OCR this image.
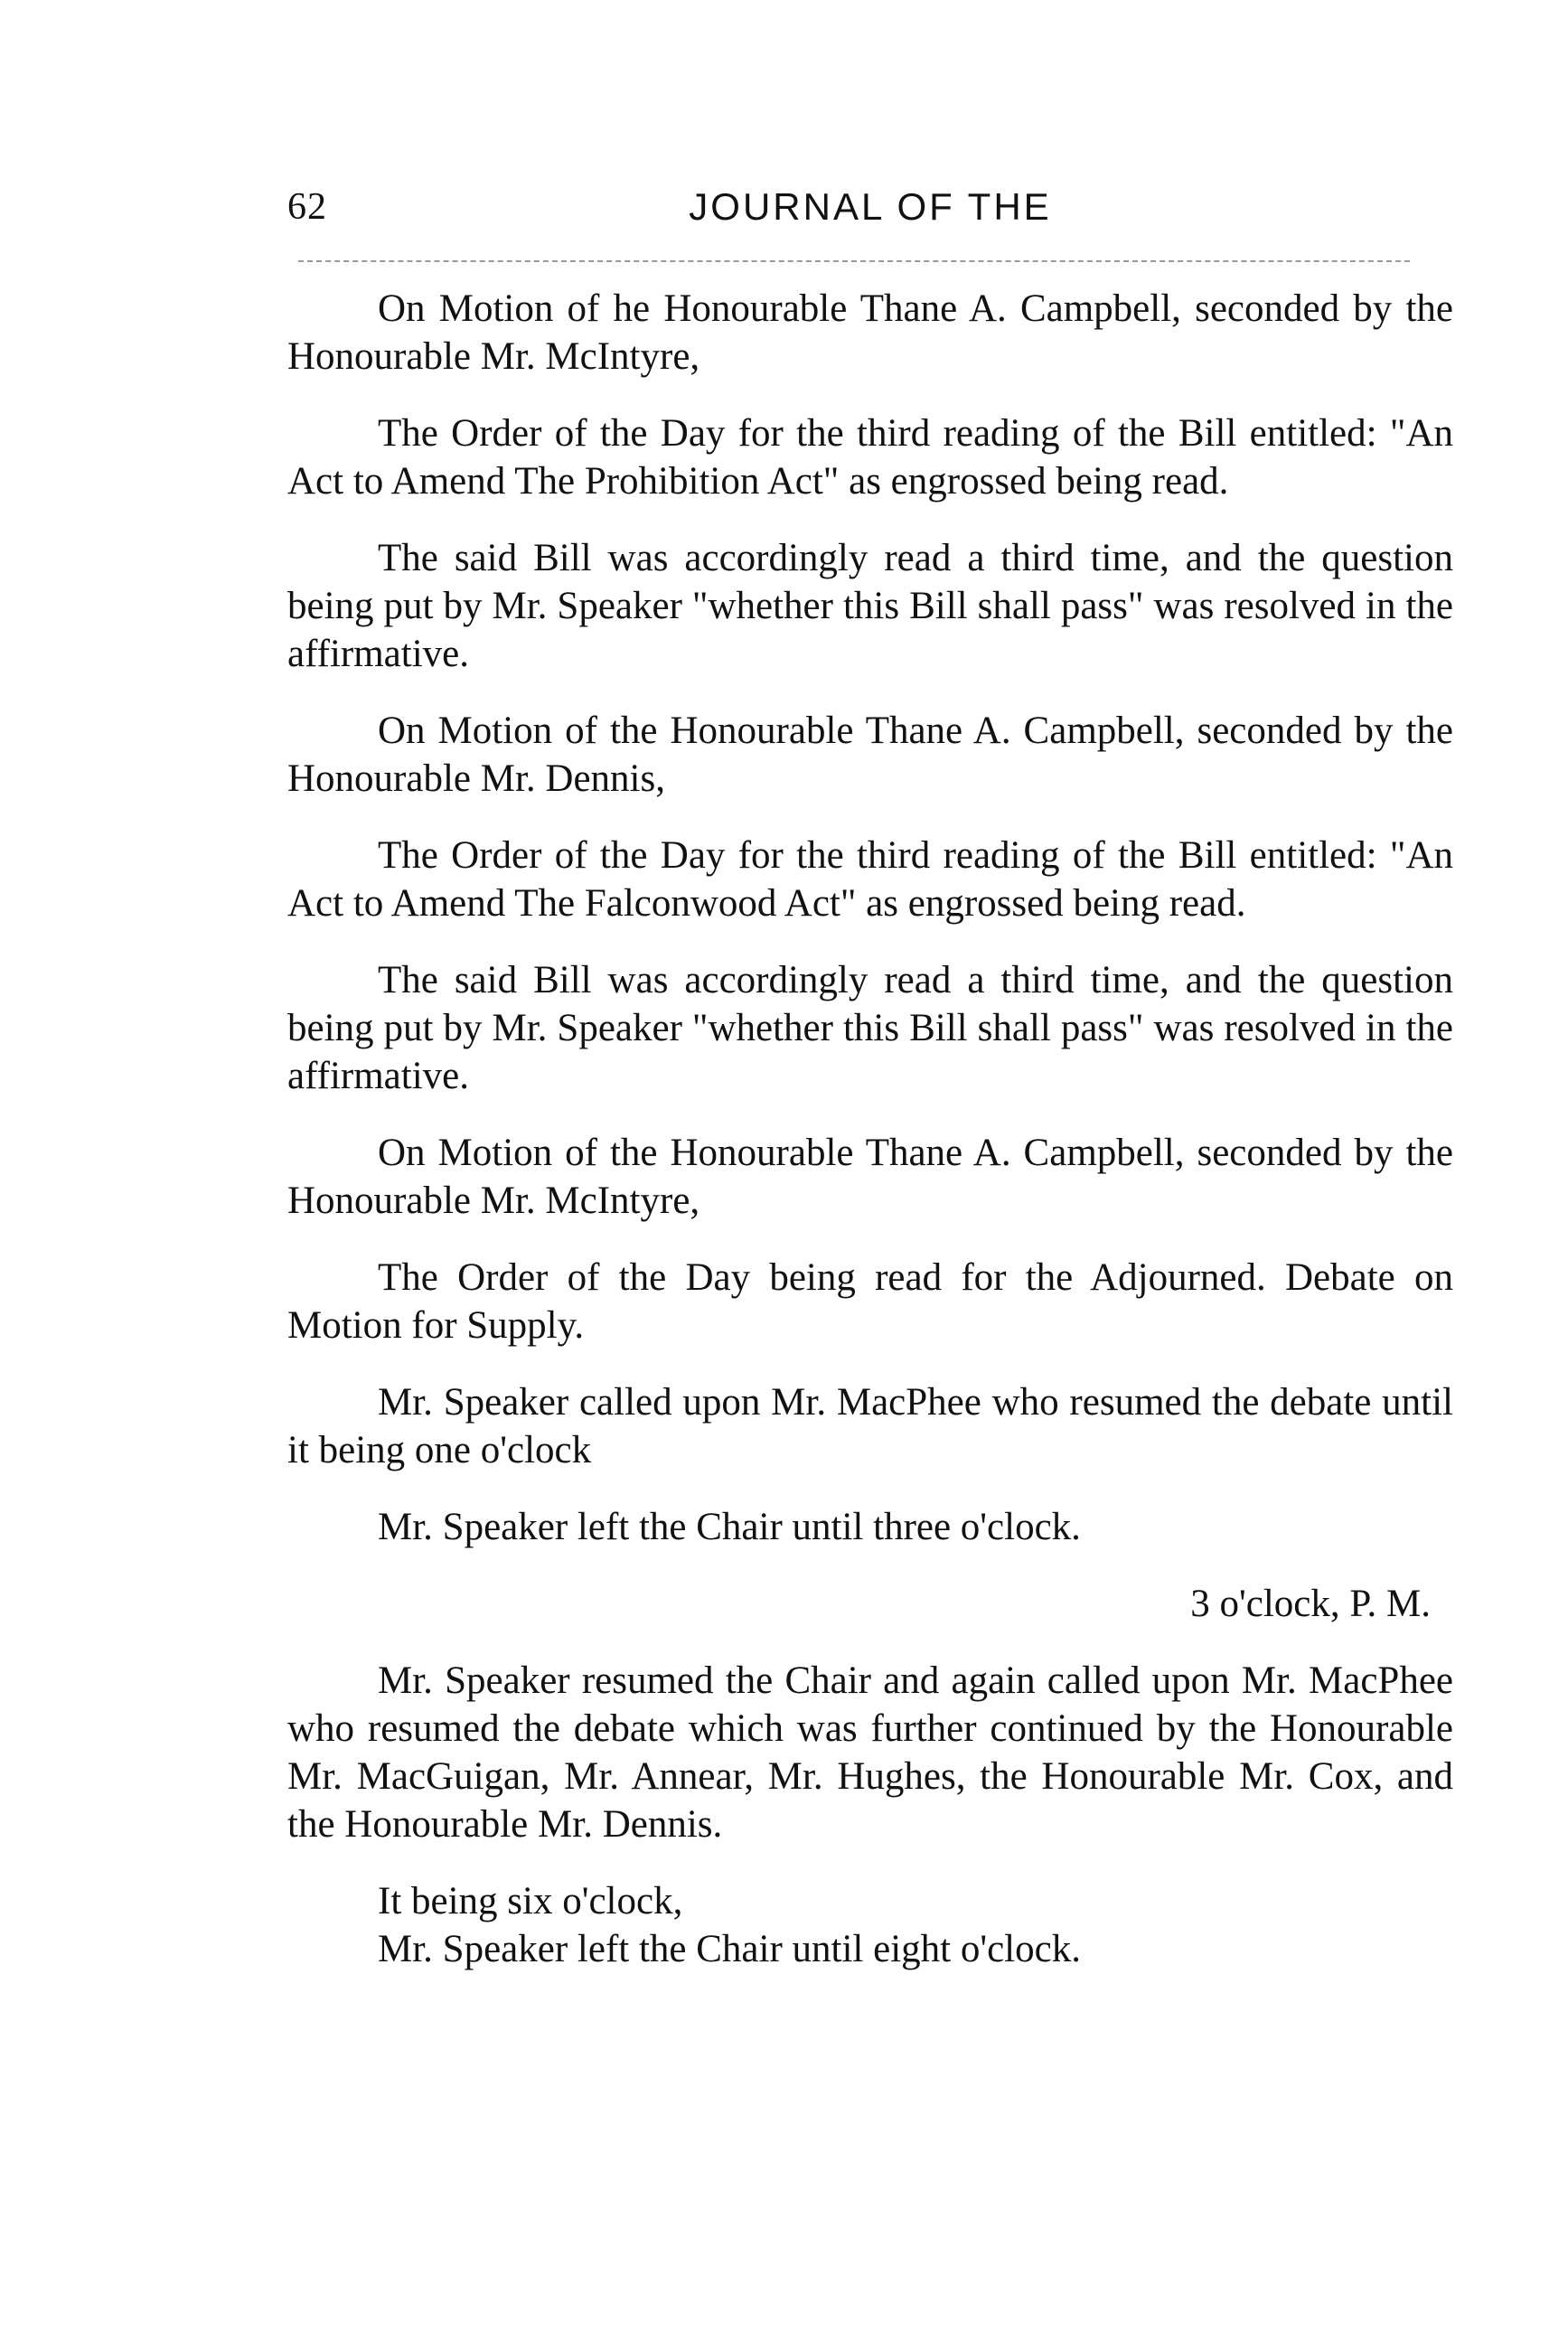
62	JOURNAL OF THE

On Motion of he Honourable Thane A. Campbell, seconded by the Honourable Mr. McIntyre,

The Order of the Day for the third reading of the Bill entitled: "An Act to Amend The Prohibition Act" as engrossed being read.

The said Bill was accordingly read a third time, and the question being put by Mr. Speaker "whether this Bill shall pass" was resolved in the affirmative.

On Motion of the Honourable Thane A. Campbell, seconded by the Honourable Mr. Dennis,

The Order of the Day for the third reading of the Bill entitled: "An Act to Amend The Falconwood Act" as engrossed being read.

The said Bill was accordingly read a third time, and the question being put by Mr. Speaker "whether this Bill shall pass" was resolved in the affirmative.

On Motion of the Honourable Thane A. Campbell, seconded by the Honourable Mr. McIntyre,

The Order of the Day being read for the Adjourned. Debate on Motion for Supply.

Mr. Speaker called upon Mr. MacPhee who resumed the debate until it being one o'clock

Mr. Speaker left the Chair until three o'clock.

3 o'clock, P. M.

Mr. Speaker resumed the Chair and again called upon Mr. MacPhee who resumed the debate which was further continued by the Honourable Mr. MacGuigan, Mr. Annear, Mr. Hughes, the Honourable Mr. Cox, and the Honourable Mr. Dennis.

It being six o'clock,

Mr. Speaker left the Chair until eight o'clock.
